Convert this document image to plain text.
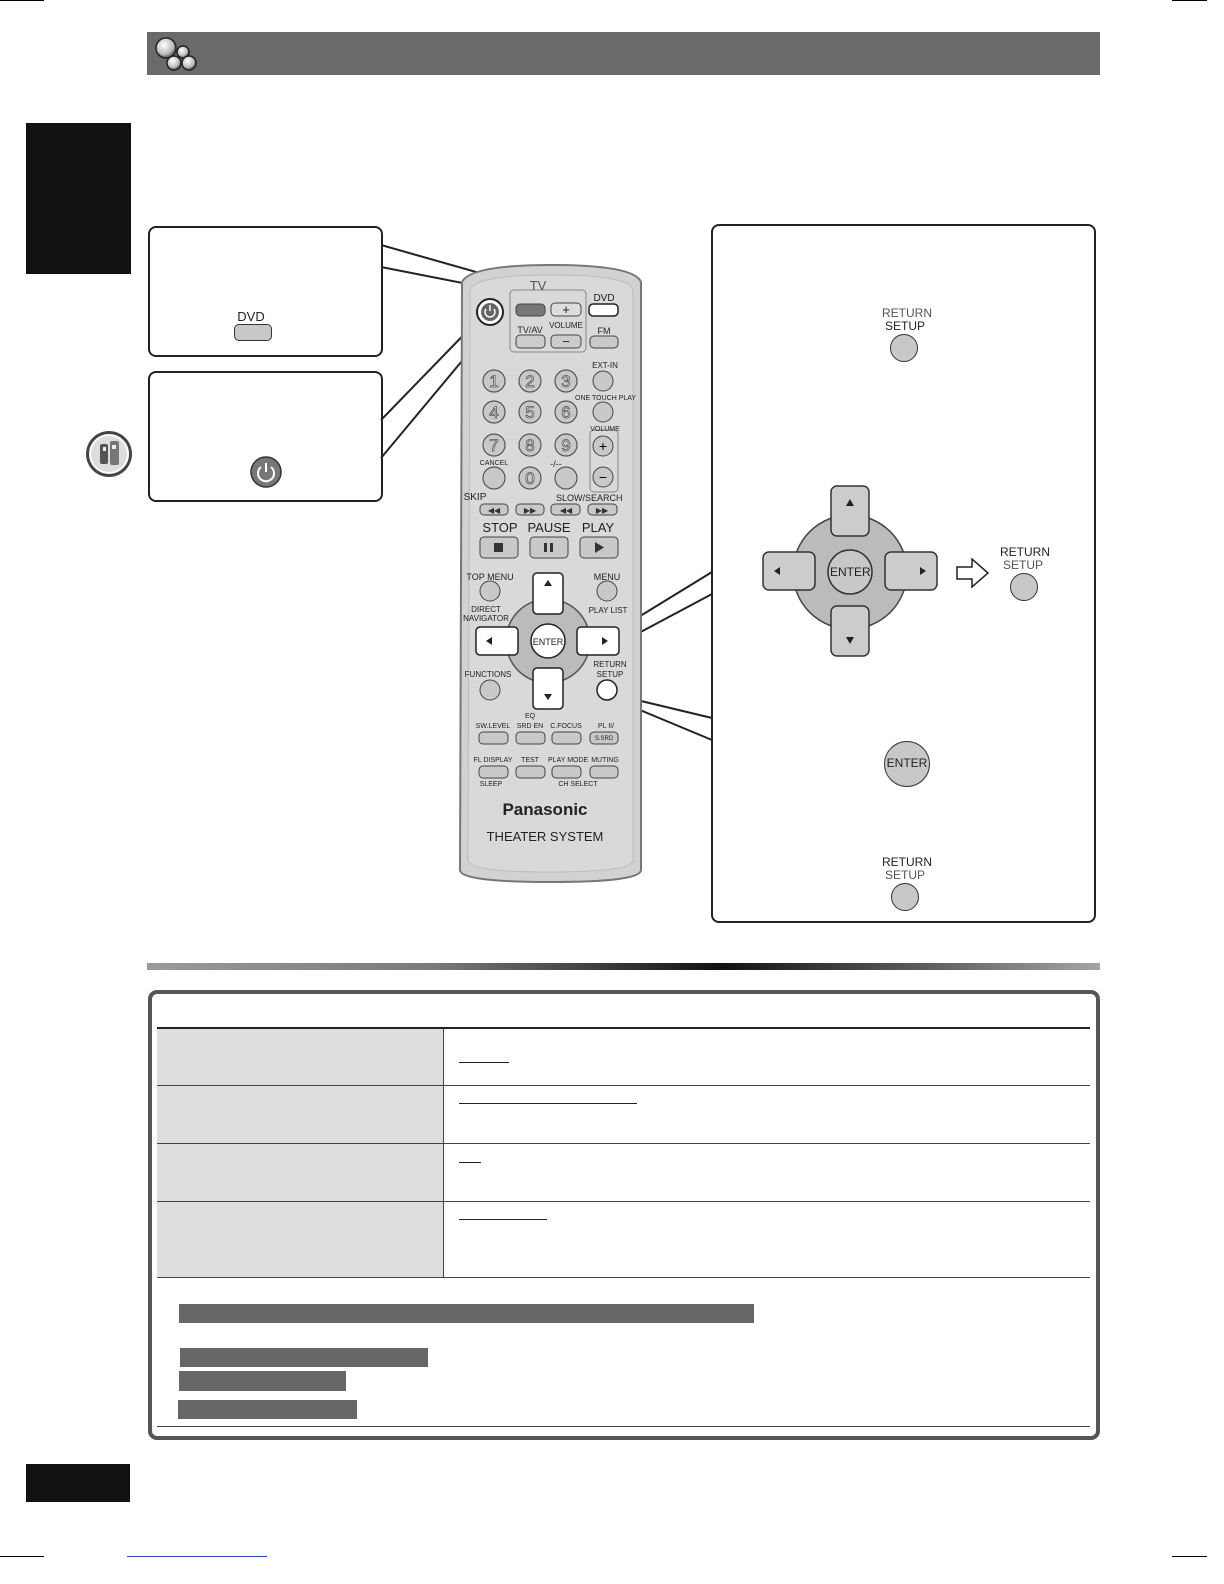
DVD	+
−
1 2 3
4 5 6
7 8 9
0
+
−
◀◀	▶▶	◀◀	▶▶
TV
DVD
TV/AV VOLUME
FM
EXT-IN
ONE TOUCH PLAY
VOLUME
CANCEL	-/--
SKIP	SLOW/SEARCH
STOP PAUSE PLAY
TOP MENU	MENU
DIRECT
NAVIGATOR
PLAY LIST
ENTER
FUNCTIONS
RETURN
SETUP
EQ
SW.LEVEL SRD EN	C.FOCUS	PL II/
S.SRD
FL DISPLAY	TEST	PLAY MODE MUTING
SLEEP	CH SELECT
Panasonic
THEATER SYSTEM
RETURN
SETUP
ENTER
RETURN
SETUP
ENTER
RETURN
SETUP
